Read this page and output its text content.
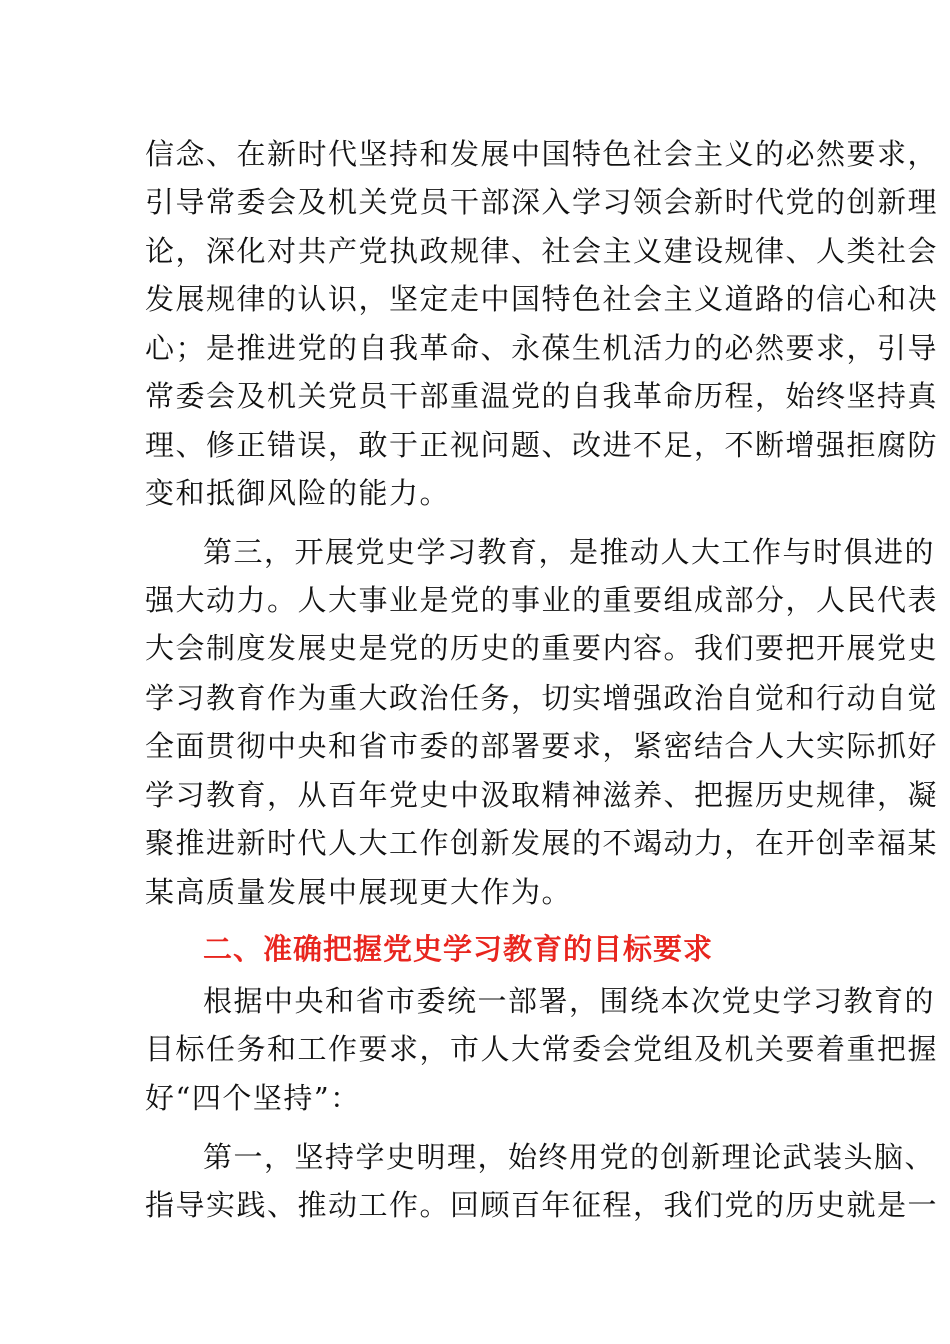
信念、在新时代坚持和发展中国特色社会主义的必然要求，
引导常委会及机关党员干部深入学习领会新时代党的创新理
论，深化对共产党执政规律、社会主义建设规律、人类社会
发展规律的认识，坚定走中国特色社会主义道路的信心和决
心；是推进党的自我革命、永葆生机活力的必然要求，引导
常委会及机关党员干部重温党的自我革命历程，始终坚持真
理、修正错误，敢于正视问题、改进不足，不断增强拒腐防
变和抵御风险的能力。
第三，开展党史学习教育，是推动人大工作与时俱进的
强大动力。人大事业是党的事业的重要组成部分，人民代表
大会制度发展史是党的历史的重要内容。我们要把开展党史
学习教育作为重大政治任务，切实增强政治自觉和行动自觉
全面贯彻中央和省市委的部署要求，紧密结合人大实际抓好
学习教育，从百年党史中汲取精神滋养、把握历史规律，凝
聚推进新时代人大工作创新发展的不竭动力，在开创幸福某
某高质量发展中展现更大作为。
二、准确把握党史学习教育的目标要求
根据中央和省市委统一部署，围绕本次党史学习教育的
目标任务和工作要求，市人大常委会党组及机关要着重把握
好“四个坚持”：
第一，坚持学史明理，始终用党的创新理论武装头脑、
指导实践、推动工作。回顾百年征程，我们党的历史就是一
